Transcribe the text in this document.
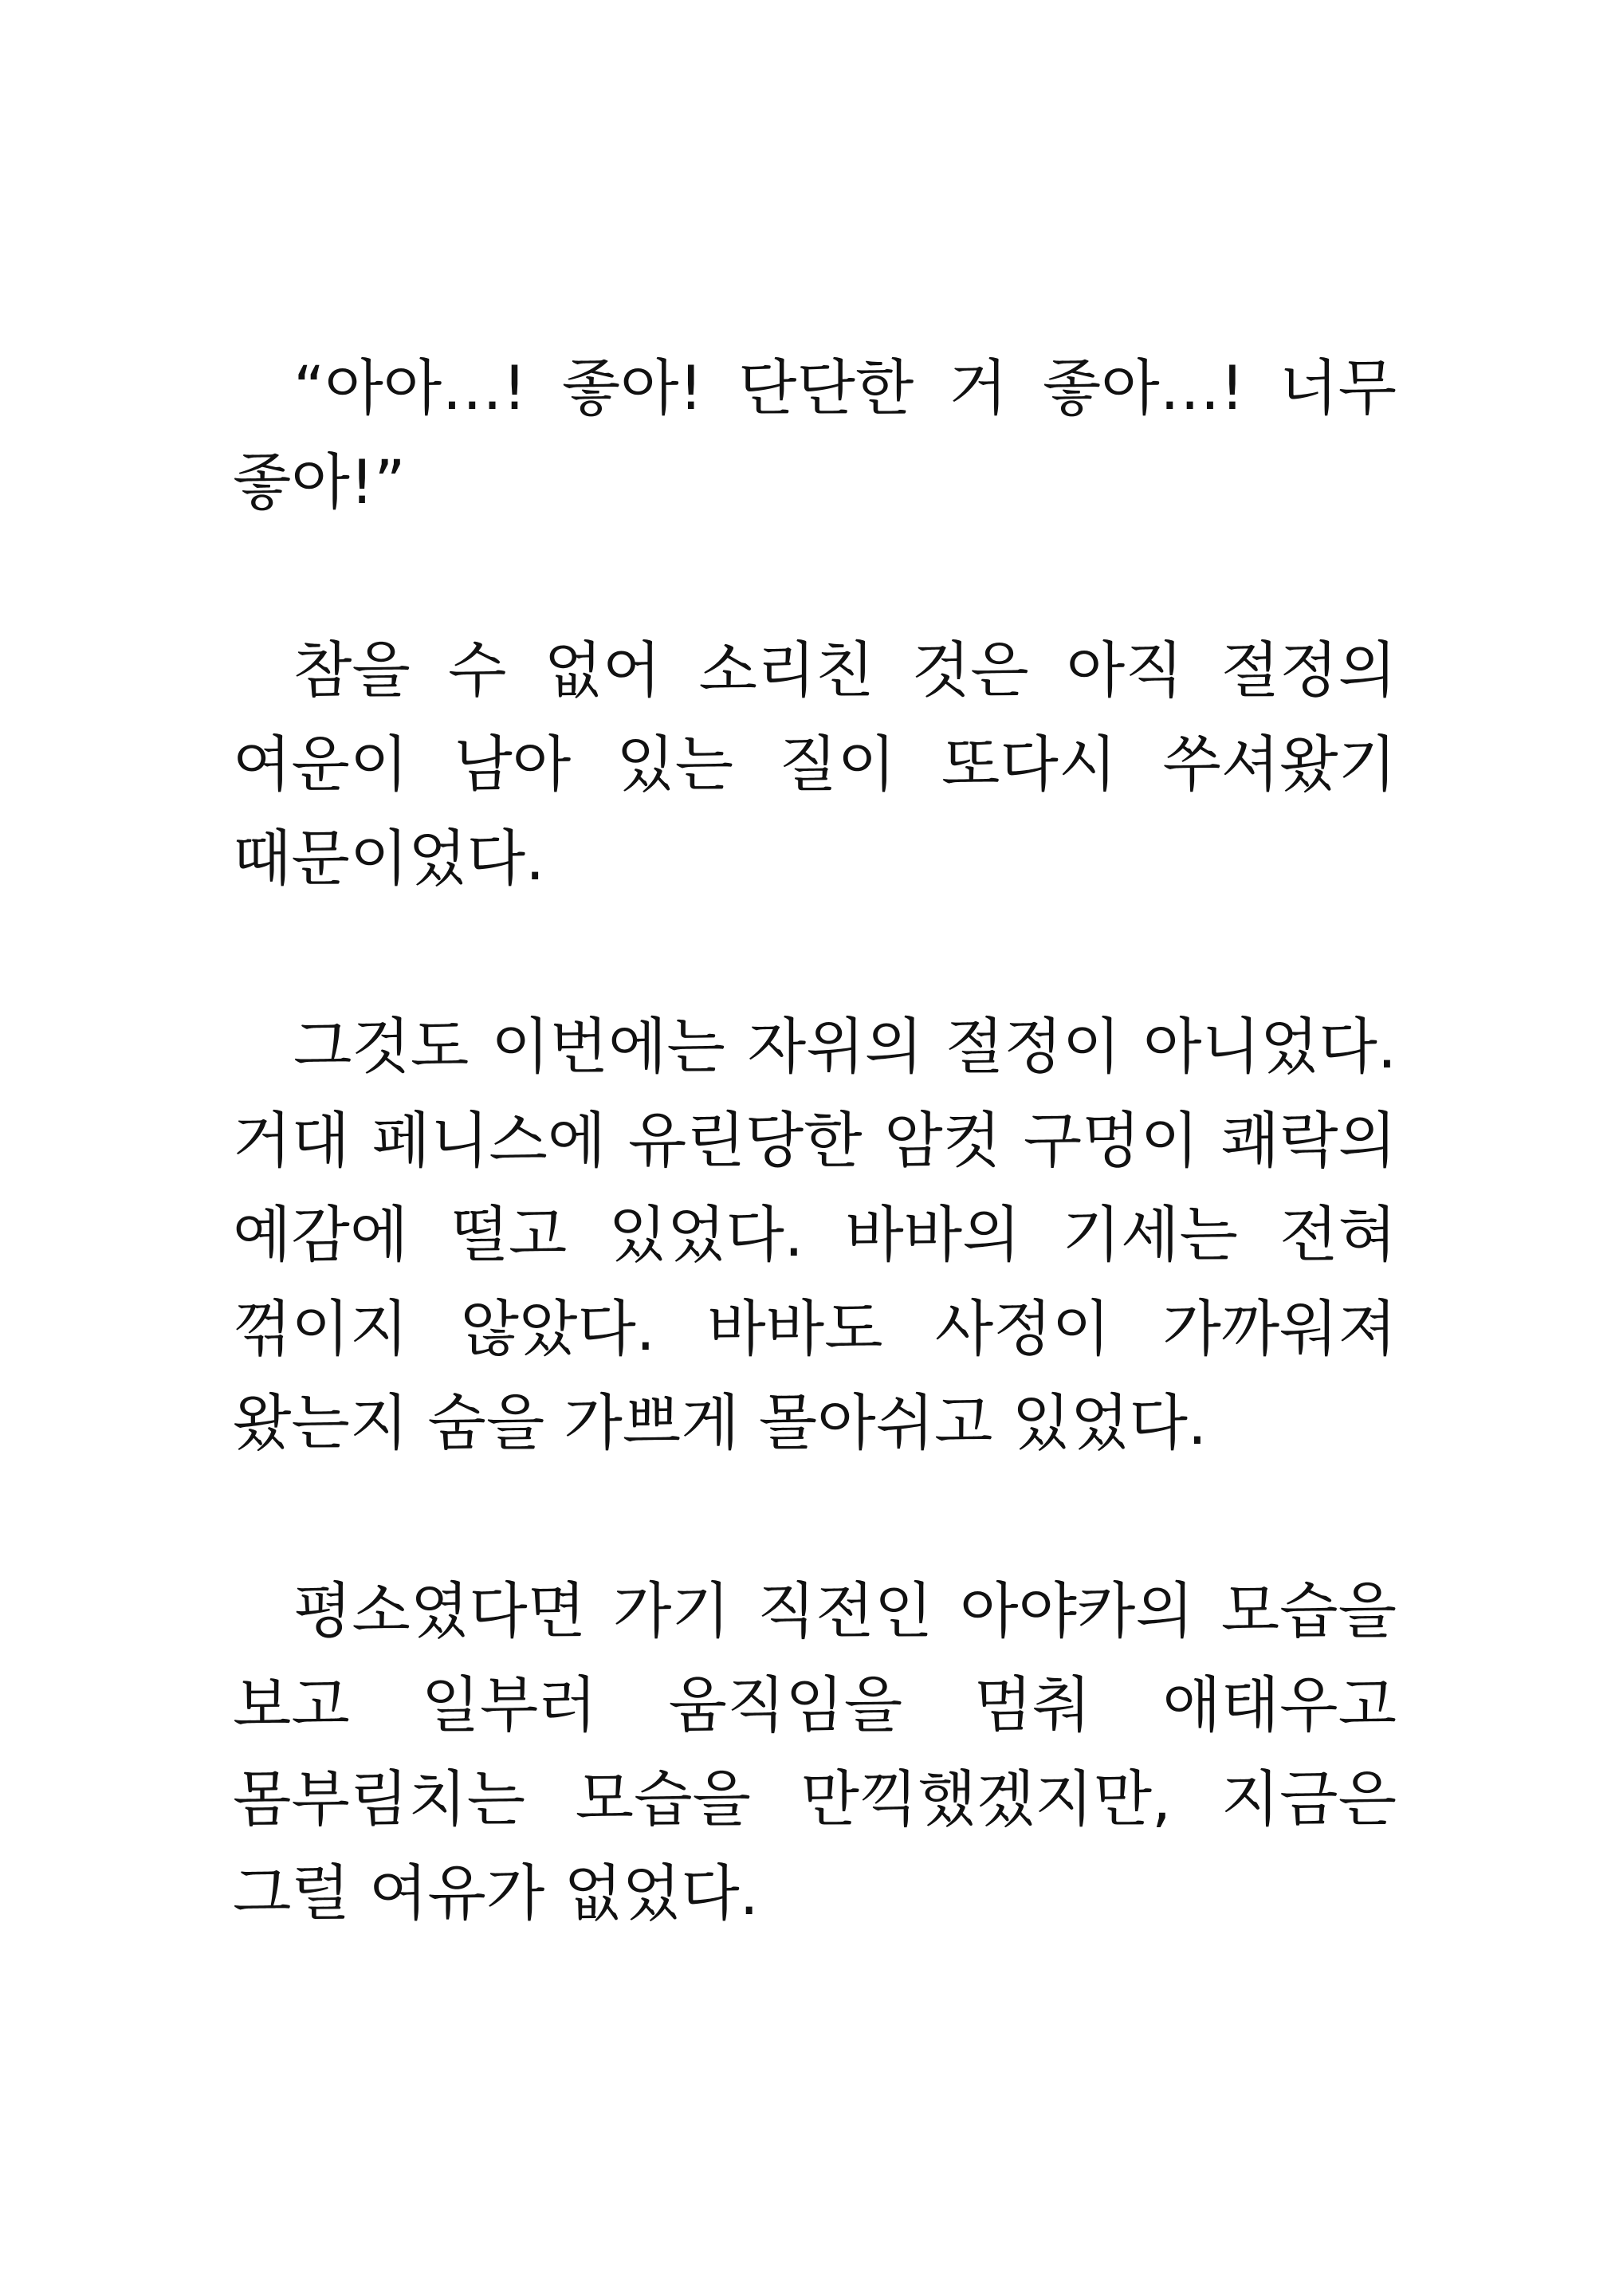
“아아…! 좋아! 단단한 거 좋아…! 너무 좋아!”

참을 수 없어 소리친 것은 아직 절정의 여운이 남아 있는 질이 또다시 쑤셔왔기 때문이었다.

그것도 이번에는 자위의 절정이 아니었다. 거대 페니스에 유린당한 암컷 구멍이 쾌락의 예감에 떨고 있었다. 바바의 기세는 전혀 꺾이지 않았다. 바바도 사정이 가까워져 왔는지 숨을 가쁘게 몰아쉬고 있었다.

평소였다면 가기 직전인 아야카의 모습을 보고 일부러 움직임을 멈춰 애태우고 몸부림치는 모습을 만끽했겠지만, 지금은 그럴 여유가 없었다.
